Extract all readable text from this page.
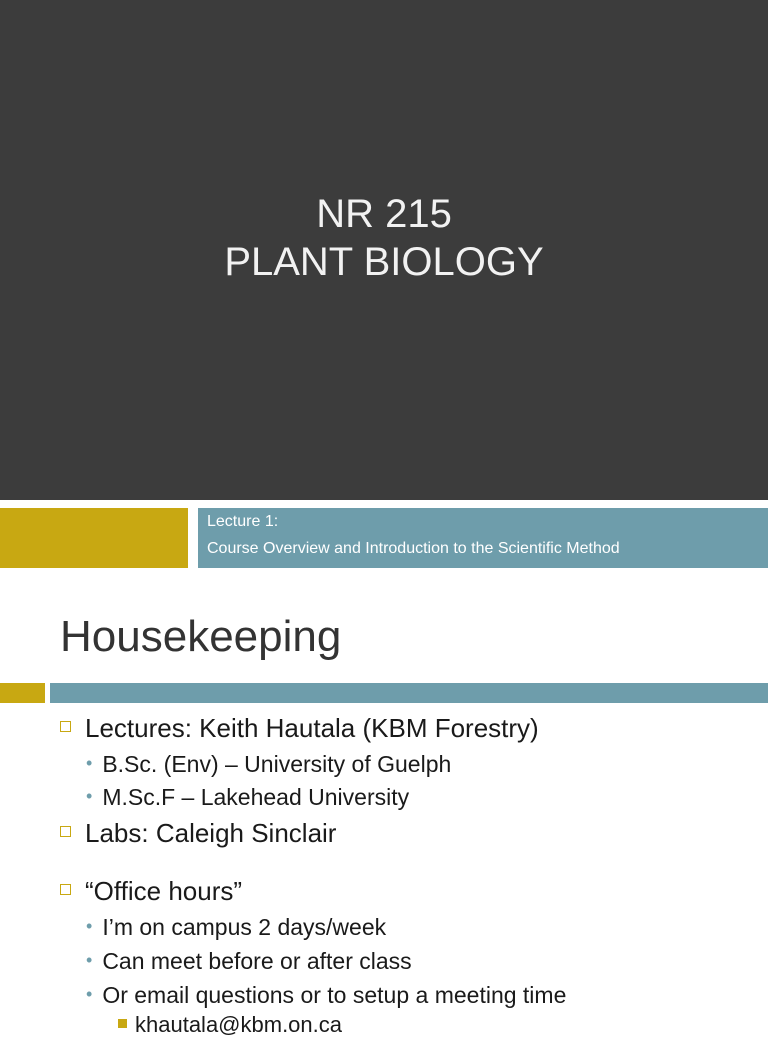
NR 215
PLANT BIOLOGY
Lecture 1:
Course Overview and Introduction to the Scientific Method
Housekeeping
Lectures: Keith Hautala (KBM Forestry)
• B.Sc. (Env) – University of Guelph
• M.Sc.F – Lakehead University
Labs: Caleigh Sinclair
“Office hours”
• I’m on campus 2 days/week
• Can meet before or after class
• Or email questions or to setup a meeting time
khautala@kbm.on.ca
